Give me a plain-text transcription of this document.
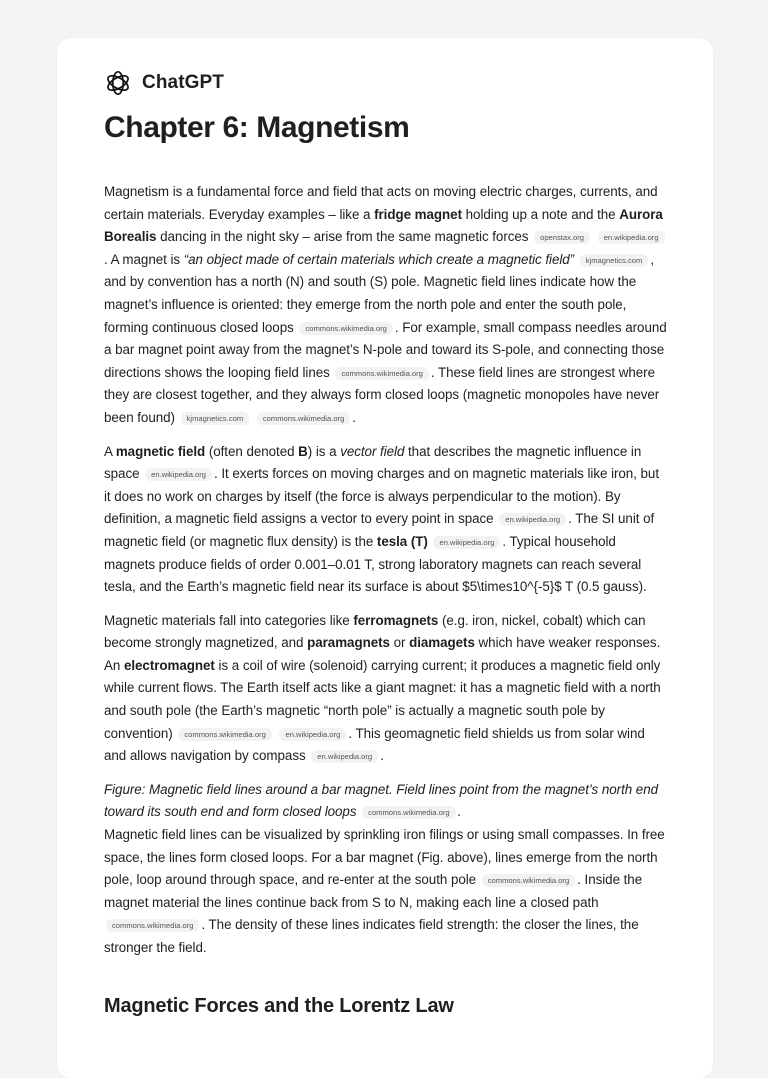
ChatGPT
Chapter 6: Magnetism

Magnetism is a fundamental force and field that acts on moving electric charges, currents, and certain materials. Everyday examples – like a fridge magnet holding up a note and the Aurora Borealis dancing in the night sky – arise from the same magnetic forces openstax.org	en.wikipedia.org. A magnet is “an object made of certain materials which create a magnetic field” kjmagnetics.com , and by convention has a north (N) and south (S) pole. Magnetic field lines indicate how the magnet’s influence is oriented: they emerge from the north pole and enter the south pole, forming continuous closed loops commons.wikimedia.org . For example, small compass needles around a bar magnet point away from the magnet’s N-pole and toward its S-pole, and connecting those directions shows the looping field lines commons.wikimedia.org . These field lines are strongest where they are closest together, and they always form closed loops (magnetic monopoles have never been found) kjmagnetics.com	commons.wikimedia.org .

A magnetic field (often denoted B) is a vector field that describes the magnetic influence in space en.wikipedia.org . It exerts forces on moving charges and on magnetic materials like iron, but it does no work on charges by itself (the force is always perpendicular to the motion). By definition, a magnetic field assigns a vector to every point in space en.wikipedia.org . The SI unit of magnetic field (or magnetic flux density) is the tesla (T) en.wikipedia.org . Typical household magnets produce fields of order 0.001–0.01 T, strong laboratory magnets can reach several tesla, and the Earth’s magnetic field near its surface is about $5\times10^{-5}$ T (0.5 gauss).

Magnetic materials fall into categories like ferromagnets (e.g. iron, nickel, cobalt) which can become strongly magnetized, and paramagnets or diamagets which have weaker responses. An electromagnet is a coil of wire (solenoid) carrying current; it produces a magnetic field only while current flows. The Earth itself acts like a giant magnet: it has a magnetic field with a north and south pole (the Earth’s magnetic “north pole” is actually a magnetic south pole by convention) commons.wikimedia.org	en.wikipedia.org . This geomagnetic field shields us from solar wind and allows navigation by compass en.wikipedia.org .

Figure: Magnetic field lines around a bar magnet. Field lines point from the magnet’s north end toward its south end and form closed loops commons.wikimedia.org .

Magnetic field lines can be visualized by sprinkling iron filings or using small compasses. In free space, the lines form closed loops. For a bar magnet (Fig. above), lines emerge from the north pole, loop around through space, and re-enter at the south pole commons.wikimedia.org . Inside the magnet material the lines continue back from S to N, making each line a closed path commons.wikimedia.org . The density of these lines indicates field strength: the closer the lines, the stronger the field.

Magnetic Forces and the Lorentz Law
